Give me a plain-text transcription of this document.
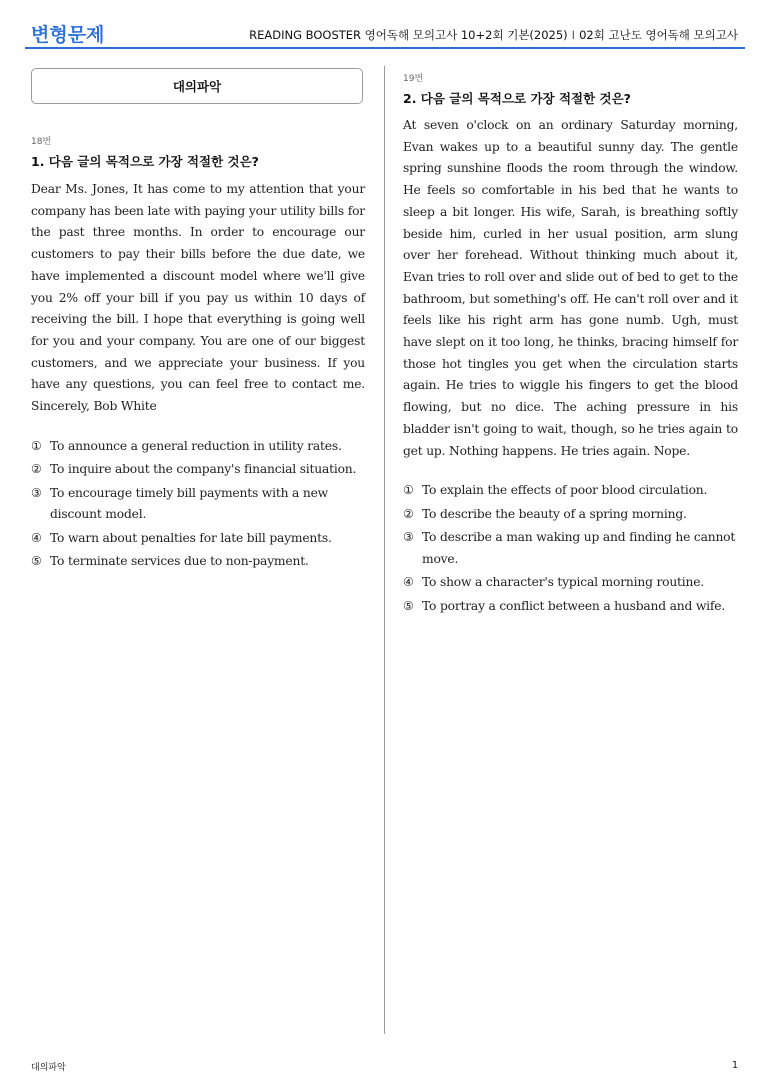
변형문제	READING BOOSTER 영어독해 모의고사 10+2회 기본(2025) I 02회 고난도 영어독해 모의고사
대의파악
18번
1. 다음 글의 목적으로 가장 적절한 것은?
Dear Ms. Jones, It has come to my attention that your company has been late with paying your utility bills for the past three months. In order to encourage our customers to pay their bills before the due date, we have implemented a discount model where we'll give you 2% off your bill if you pay us within 10 days of receiving the bill. I hope that everything is going well for you and your company. You are one of our biggest customers, and we appreciate your business. If you have any questions, you can feel free to contact me. Sincerely, Bob White
① To announce a general reduction in utility rates.
② To inquire about the company's financial situation.
③ To encourage timely bill payments with a new discount model.
④ To warn about penalties for late bill payments.
⑤ To terminate services due to non-payment.
19번
2. 다음 글의 목적으로 가장 적절한 것은?
At seven o'clock on an ordinary Saturday morning, Evan wakes up to a beautiful sunny day. The gentle spring sunshine floods the room through the window. He feels so comfortable in his bed that he wants to sleep a bit longer. His wife, Sarah, is breathing softly beside him, curled in her usual position, arm slung over her forehead. Without thinking much about it, Evan tries to roll over and slide out of bed to get to the bathroom, but something's off. He can't roll over and it feels like his right arm has gone numb. Ugh, must have slept on it too long, he thinks, bracing himself for those hot tingles you get when the circulation starts again. He tries to wiggle his fingers to get the blood flowing, but no dice. The aching pressure in his bladder isn't going to wait, though, so he tries again to get up. Nothing happens. He tries again. Nope.
① To explain the effects of poor blood circulation.
② To describe the beauty of a spring morning.
③ To describe a man waking up and finding he cannot move.
④ To show a character's typical morning routine.
⑤ To portray a conflict between a husband and wife.
대의파악	1
